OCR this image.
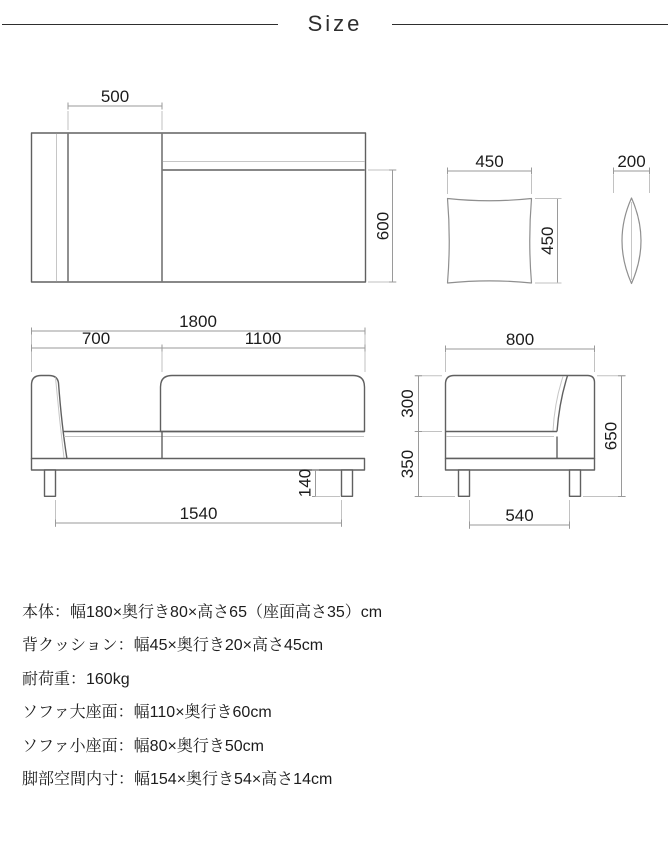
Size
500
600
450
450
200
1800
700	1100
140
1540
800
300
350
650
540

本体：幅180×奥行き80×高さ65（座面高さ35）cm

背クッション：幅45×奥行き20×高さ45cm

耐荷重：160kg

ソファ大座面：幅110×奥行き60cm

ソファ小座面：幅80×奥行き50cm

脚部空間内寸：幅154×奥行き54×高さ14cm
